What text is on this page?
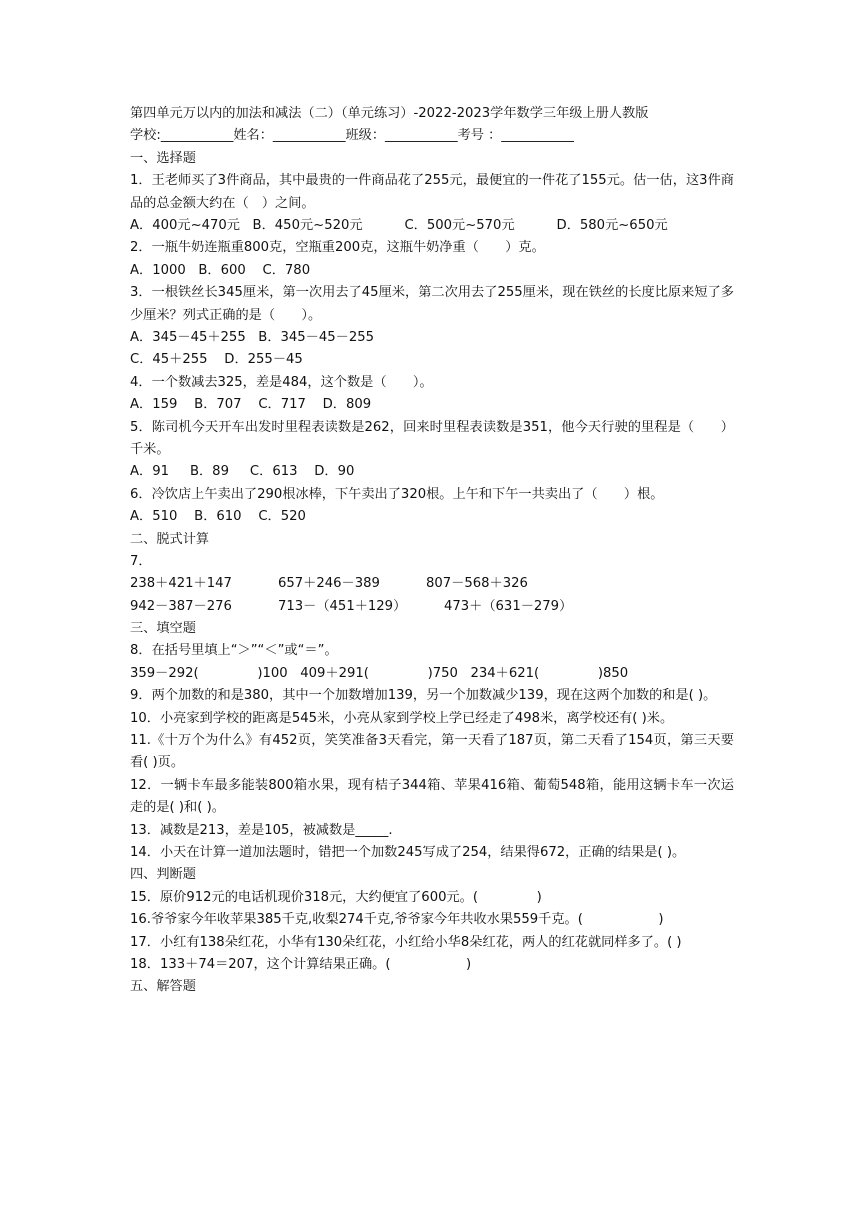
第四单元万以内的加法和减法（二）（单元练习）-2022-2023学年数学三年级上册人教版
学校:___________姓名：___________班级：___________考号 ：___________
一、选择题
1．王老师买了3件商品，其中最贵的一件商品花了255元，最便宜的一件花了155元。估一估，这3件商品的总金额大约在（　）之间。
A．400元~470元   B．450元~520元          C．500元~570元          D．580元~650元
2．一瓶牛奶连瓶重800克，空瓶重200克，这瓶牛奶净重（　　）克。
A．1000   B．600    C．780
3．一根铁丝长345厘米，第一次用去了45厘米，第二次用去了255厘米，现在铁丝的长度比原来短了多少厘米？列式正确的是（　　）。
A．345－45＋255   B．345－45－255
C．45＋255    D．255－45
4．一个数减去325，差是484，这个数是（　　）。
A．159    B．707    C．717    D．809
5．陈司机今天开车出发时里程表读数是262，回来时里程表读数是351，他今天行驶的里程是（　　）千米。
A．91     B．89     C．613    D．90
6．冷饮店上午卖出了290根冰棒，下午卖出了320根。上午和下午一共卖出了（　　）根。
A．510    B．610    C．520
二、脱式计算
7．
238＋421＋147           657＋246－389           807－568＋326
942－387－276           713－（451＋129）         473＋（631－279）
三、填空题
8．在括号里填上“＞”“＜”或“＝”。
359－292(              )100   409＋291(              )750   234＋621(              )850
9．两个加数的和是380，其中一个加数增加139，另一个加数减少139，现在这两个加数的和是( )。
10．小亮家到学校的距离是545米，小亮从家到学校上学已经走了498米，离学校还有( )米。
11.《十万个为什么》有452页，笑笑准备3天看完，第一天看了187页，第二天看了154页，第三天要看( )页。
12．一辆卡车最多能装800箱水果，现有桔子344箱、苹果416箱、葡萄548箱，能用这辆卡车一次运走的是( )和( )。
13．减数是213，差是105，被减数是_____.
14．小天在计算一道加法题时，错把一个加数245写成了254，结果得672，正确的结果是( )。
四、判断题
15．原价912元的电话机现价318元，大约便宜了600元。(              )
16.爷爷家今年收苹果385千克,收梨274千克,爷爷家今年共收水果559千克。(                  )
17．小红有138朵红花，小华有130朵红花，小红给小华8朵红花，两人的红花就同样多了。( )
18．133＋74＝207，这个计算结果正确。(                  )
五、解答题
